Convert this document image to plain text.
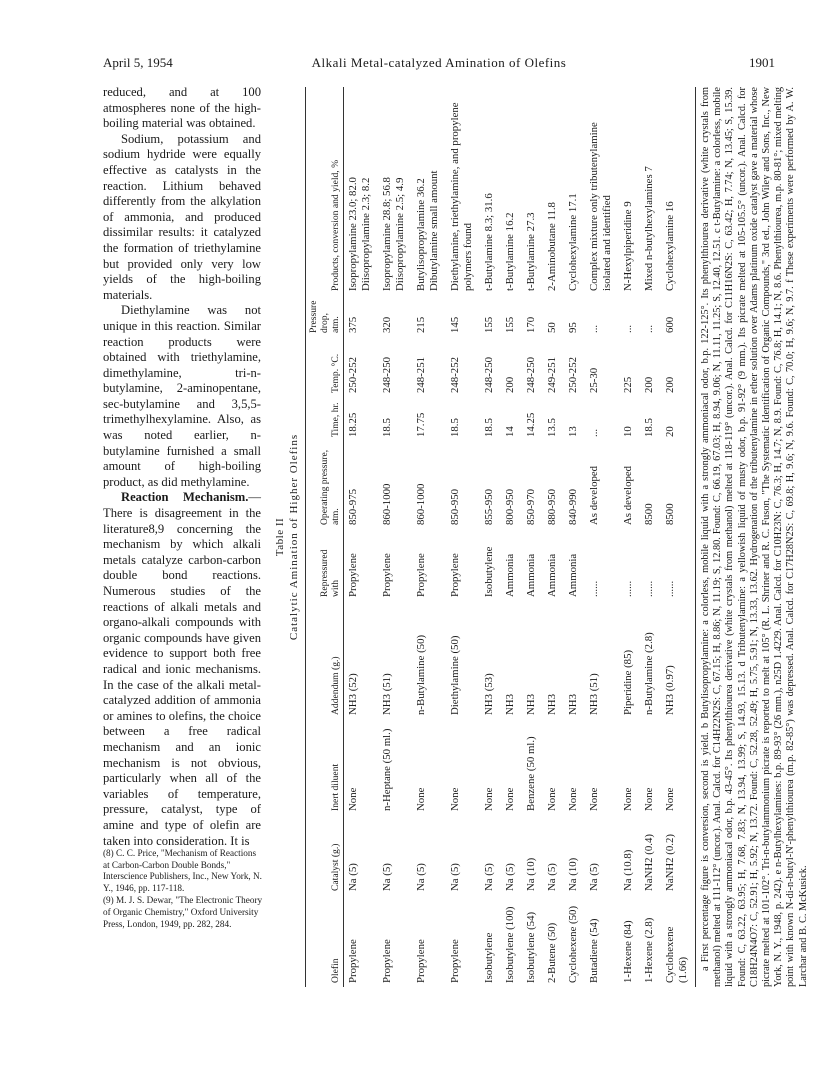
April 5, 1954	Alkali Metal-catalyzed Amination of Olefins	1901

reduced, and at 100 atmospheres none of the high-boiling material was obtained.

Sodium, potassium and sodium hydride were equally effective as catalysts in the reaction. Lithium behaved differently from the alkylation of ammonia, and produced dissimilar results: it catalyzed the formation of triethylamine but provided only very low yields of the high-boiling materials.

Diethylamine was not unique in this reaction. Similar reaction products were obtained with triethylamine, dimethylamine, tri-n-butylamine, 2-aminopentane, sec-butylamine and 3,5,5-trimethylhexylamine. Also, as was noted earlier, n-butylamine furnished a small amount of high-boiling product, as did methylamine.

Reaction Mechanism.—There is disagreement in the literature8,9 concerning the mechanism by which alkali metals catalyze carbon-carbon double bond reactions. Numerous studies of the reactions of alkali metals and organo-alkali compounds with organic compounds have given evidence to support both free radical and ionic mechanisms. In the case of the alkali metal-catalyzed addition of ammonia or amines to olefins, the choice between a free radical mechanism and an ionic mechanism is not obvious, particularly when all of the variables of temperature, pressure, catalyst, type of amine and type of olefin are taken into consideration. It is

(8) C. C. Price, "Mechanism of Reactions at Carbon-Carbon Double Bonds," Interscience Publishers, Inc., New York, N. Y., 1946, pp. 117-118.

(9) M. J. S. Dewar, "The Electronic Theory of Organic Chemistry," Oxford University Press, London, 1949, pp. 282, 284.

Table II Catalytic Amination of Higher Olefins
Olefin	Catalyst (g.)	Inert diluent	Addendum (g.)	Repressured with	Operating pressure, atm.	Time, hr.	Temp. °C.	Pressure drop, atm.	Products, conversion and yield, %
Propylene	Na (5)	None	NH3 (52)	Propylene	850-975	18.25	250-252	375	Isopropylamine 23.0; 82.0
Diisopropylamine 2.3; 8.2
Propylene	Na (5)	n-Heptane (50 ml.)	NH3 (51)	Propylene	860-1000	18.5	248-250	320	Isopropylamine 28.8; 56.8
Diisopropylamine 2.5; 4.9
Propylene	Na (5)	None	n-Butylamine (50)	Propylene	860-1000	17.75	248-251	215	Butylisopropylamine 36.2
Dibutylamine small amount
Propylene	Na (5)	None	Diethylamine (50)	Propylene	850-950	18.5	248-252	145	Diethylamine, triethylamine, and propylene polymers found
Isobutylene	Na (5)	None	NH3 (53)	Isobutylene	855-950	18.5	248-250	155	t-Butylamine 8.3; 31.6
Isobutylene (100)	Na (5)	None	NH3	Ammonia	800-950	14	200	155	t-Butylamine 16.2
Isobutylene (54)	Na (10)	Benzene (50 ml.)	NH3	Ammonia	850-970	14.25	248-250	170	t-Butylamine 27.3
2-Butene (50)	Na (5)	None	NH3	Ammonia	880-950	13.5	249-251	50	2-Aminobutane 11.8
Cyclohexene (50)	Na (10)	None	NH3	Ammonia	840-990	13	250-252	95	Cyclohexylamine 17.1
Butadiene (54)	Na (5)	None	NH3 (51)	......	As developed	...	25-30	...	Complex mixture only tributenylamine isolated and identified
1-Hexene (84)	Na (10.8)	None	Piperidine (85)	......	As developed	10	225	...	N-Hexylpiperidine 9
1-Hexene (2.8)	NaNH2 (0.4)	None	n-Butylamine (2.8)	......	8500	18.5	200	...	Mixed n-butylhexylamines 7
Cyclohexene (1.66)	NaNH2 (0.2)	None	NH3 (0.97)	......	8500	20	200	600	Cyclohexylamine 16 a First percentage figure is conversion, second is yield. b Butylisopropylamine: a colorless, mobile liquid with a strongly ammoniacal odor, b.p. 122-125°. Its phenylthiourea derivative (white crystals from methanol) melted at 111-112° (uncor.). Anal. Calcd. for C14H22N2S: C, 67.15; H, 8.86; N, 11.19; S, 12.80. Found: C, 66.19, 67.03; H, 8.94, 9.06; N, 11.11, 11.25; S, 12.40, 12.51. c t-Butylamine: a colorless, mobile liquid with a strongly ammoniacal odor, b.p. 43-45°. Its phenylthiourea derivative (white crystals from methanol) melted at 118-119° (uncor.). Anal. Calcd. for C11H16N2S: C, 63.42; H, 7.74; N, 13.45; S, 15.39. Found: C, 63.22, 63.95; H, 7.68, 7.83; N, 13.94, 13.99; S, 14.93, 15.13. d Tributenylamine: a yellowish liquid of musty odor, b.p. 91-92° (9 mm.). Its picrate melted at 105-105.5° (uncor.). Anal. Calcd. for C18H24N4O7: C, 52.91; H, 5.92; N, 13.72. Found: C, 52.28, 52.49; H, 5.75, 5.91; N, 13.33, 13.62. Hydrogenation of the tributenylamine in ether solution over Adams platinum oxide catalyst gave a material whose picrate melted at 101-102°. Tri-n-butylammonium picrate is reported to melt at 105° (R. L. Shriner and R. C. Fuson, "The Systematic Identification of Organic Compounds," 3rd ed., John Wiley and Sons, Inc., New York, N. Y., 1948, p. 242). e n-Butylhexylamines: b.p. 89-93° (26 mm.), n25D 1.4229. Anal. Calcd. for C10H23N: C, 76.3; H, 14.7; N, 8.9. Found: C, 76.8; H, 14.1; N, 8.6. Phenylthiourea, m.p. 80-81°; mixed melting point with known N-di-n-butyl-N'-phenylthiourea (m.p. 82-85°) was depressed. Anal. Calcd. for C17H28N2S: C, 69.8; H, 9.6; N, 9.6. Found: C, 70.0; H, 9.6; N, 9.7. f These experiments were performed by A. W. Larchar and B. C. McKusick.
